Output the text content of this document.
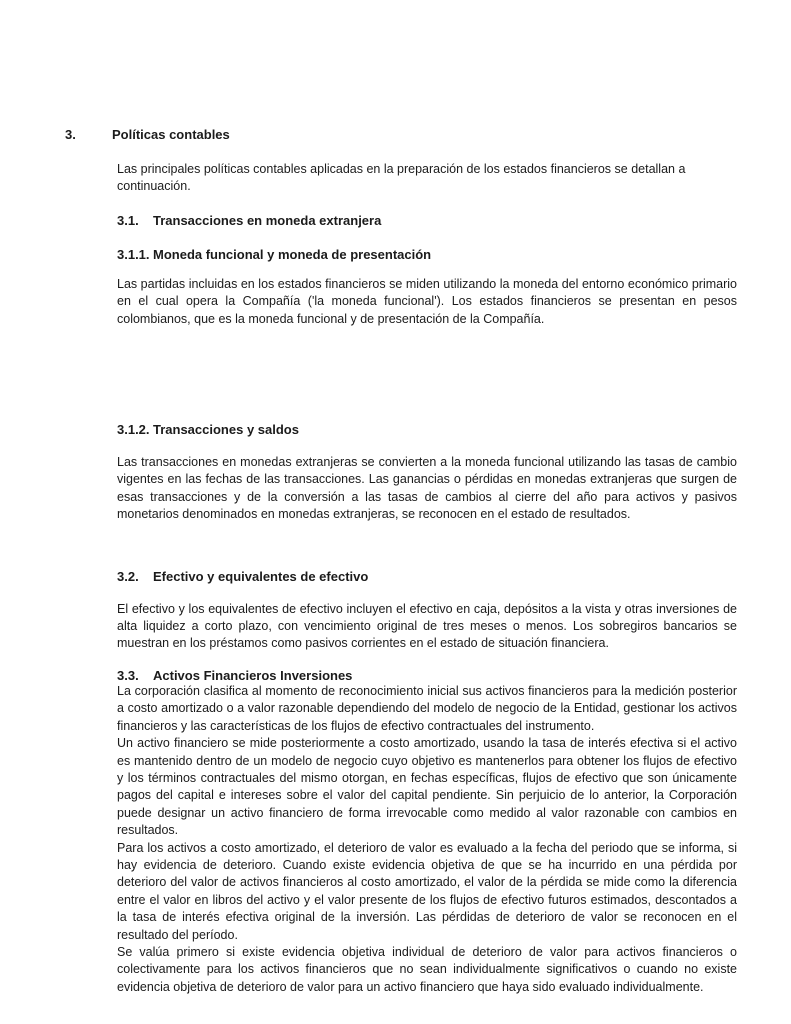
3.	Políticas contables

Las principales políticas contables aplicadas en la preparación de los estados financieros se detallan a continuación.

3.1.	Transacciones en moneda extranjera
3.1.1. Moneda funcional y moneda de presentación

Las partidas incluidas en los estados financieros se miden utilizando la moneda del entorno económico primario en el cual opera la Compañía ('la moneda funcional'). Los estados financieros se presentan en pesos colombianos, que es la moneda funcional y de presentación de la Compañía.

3.1.2. Transacciones y saldos

Las transacciones en monedas extranjeras se convierten a la moneda funcional utilizando las tasas de cambio vigentes en las fechas de las transacciones. Las ganancias o pérdidas en monedas extranjeras que surgen de esas transacciones y de la conversión a las tasas de cambios al cierre del año para activos y pasivos monetarios denominados en monedas extranjeras, se reconocen en el estado de resultados.

3.2.	Efectivo y equivalentes de efectivo

El efectivo y los equivalentes de efectivo incluyen el efectivo en caja, depósitos a la vista y otras inversiones de alta liquidez a corto plazo, con vencimiento original de tres meses o menos. Los sobregiros bancarios se muestran en los préstamos como pasivos corrientes en el estado de situación financiera.

3.3.	Activos Financieros Inversiones

La corporación clasifica al momento de reconocimiento inicial sus activos financieros para la medición posterior a costo amortizado o a valor razonable dependiendo del modelo de negocio de la Entidad, gestionar los activos financieros y las características de los flujos de efectivo contractuales del instrumento.

Un activo financiero se mide posteriormente a costo amortizado, usando la tasa de interés efectiva si el activo es mantenido dentro de un modelo de negocio cuyo objetivo es mantenerlos para obtener los flujos de efectivo y los términos contractuales del mismo otorgan, en fechas específicas, flujos de efectivo que son únicamente pagos del capital e intereses sobre el valor del capital pendiente. Sin perjuicio de lo anterior, la Corporación puede designar un activo financiero de forma irrevocable como medido al valor razonable con cambios en resultados.

Para los activos a costo amortizado, el deterioro de valor es evaluado a la fecha del periodo que se informa, si hay evidencia de deterioro. Cuando existe evidencia objetiva de que se ha incurrido en una pérdida por deterioro del valor de activos financieros al costo amortizado, el valor de la pérdida se mide como la diferencia entre el valor en libros del activo y el valor presente de los flujos de efectivo futuros estimados, descontados a la tasa de interés efectiva original de la inversión. Las pérdidas de deterioro de valor se reconocen en el resultado del período.

Se valúa primero si existe evidencia objetiva individual de deterioro de valor para activos financieros o colectivamente para los activos financieros que no sean individualmente significativos o cuando no existe evidencia objetiva de deterioro de valor para un activo financiero que haya sido evaluado individualmente.
